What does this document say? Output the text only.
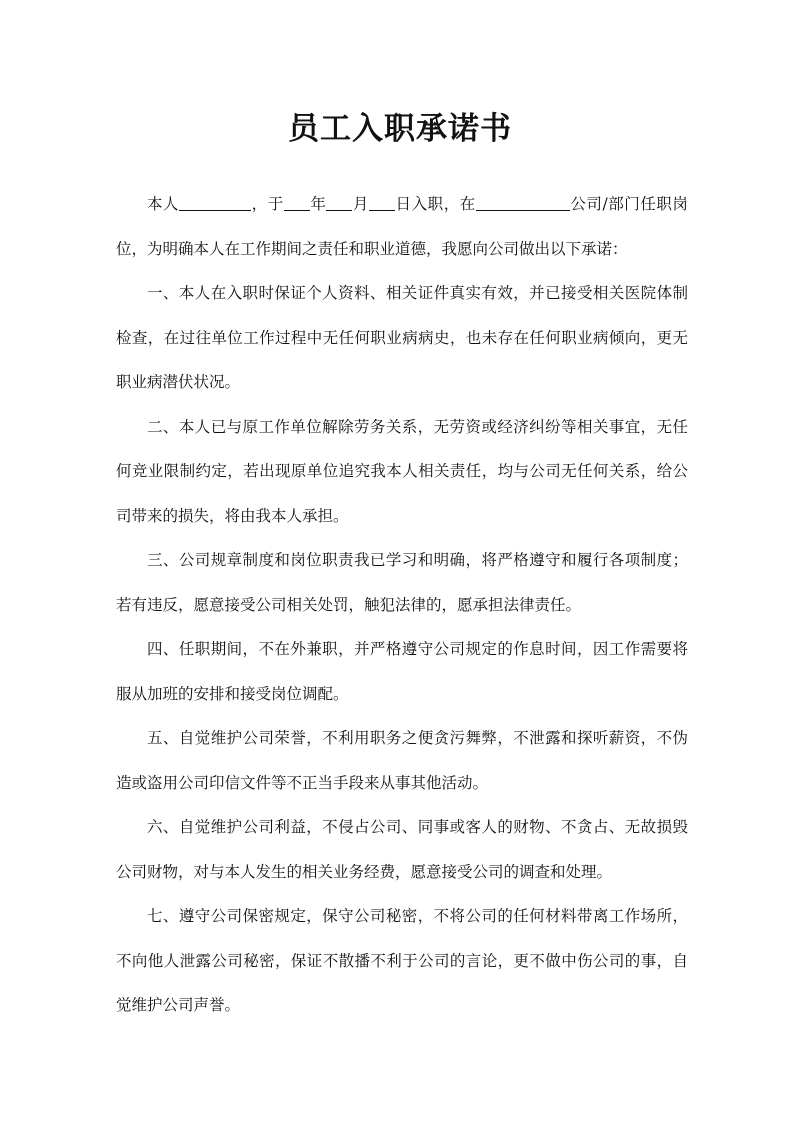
员工入职承诺书

本人	，于 年 月 日入职，在	公司/部门任职岗位，为明确本人在工作期间之责任和职业道德，我愿向公司做出以下承诺：

一、本人在入职时保证个人资料、相关证件真实有效，并已接受相关医院体制检查，在过往单位工作过程中无任何职业病病史，也未存在任何职业病倾向，更无职业病潜伏状况。

二、本人已与原工作单位解除劳务关系，无劳资或经济纠纷等相关事宜，无任何竞业限制约定，若出现原单位追究我本人相关责任，均与公司无任何关系，给公司带来的损失，将由我本人承担。

三、公司规章制度和岗位职责我已学习和明确，将严格遵守和履行各项制度；若有违反，愿意接受公司相关处罚，触犯法律的，愿承担法律责任。

四、任职期间，不在外兼职，并严格遵守公司规定的作息时间，因工作需要将服从加班的安排和接受岗位调配。

五、自觉维护公司荣誉，不利用职务之便贪污舞弊，不泄露和探听薪资，不伪造或盗用公司印信文件等不正当手段来从事其他活动。

六、自觉维护公司利益，不侵占公司、同事或客人的财物、不贪占、无故损毁公司财物，对与本人发生的相关业务经费，愿意接受公司的调查和处理。

七、遵守公司保密规定，保守公司秘密，不将公司的任何材料带离工作场所，不向他人泄露公司秘密，保证不散播不利于公司的言论，更不做中伤公司的事，自觉维护公司声誉。
